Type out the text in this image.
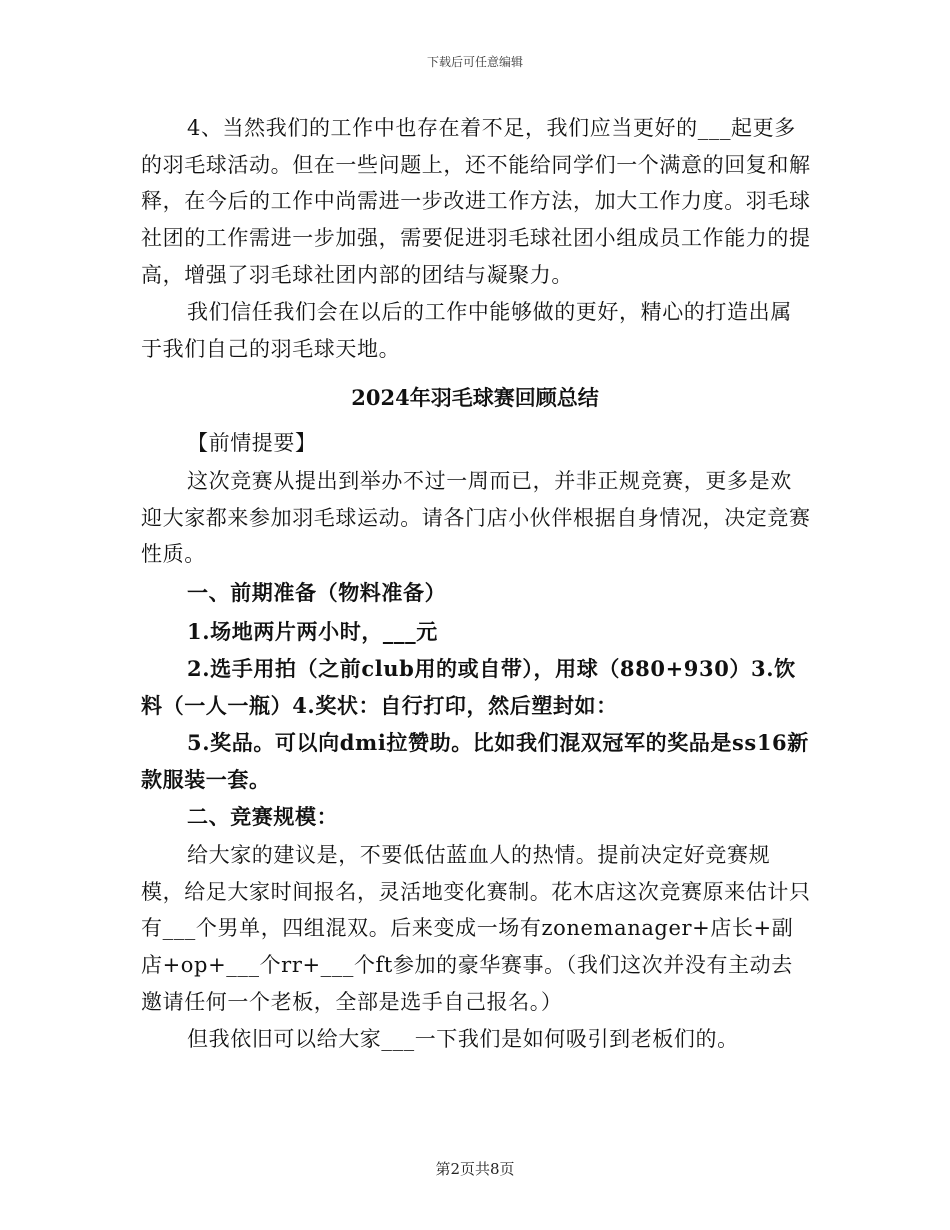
下载后可任意编辑

4、当然我们的工作中也存在着不足，我们应当更好的___起更多的羽毛球活动。但在一些问题上，还不能给同学们一个满意的回复和解释，在今后的工作中尚需进一步改进工作方法，加大工作力度。羽毛球社团的工作需进一步加强，需要促进羽毛球社团小组成员工作能力的提高，增强了羽毛球社团内部的团结与凝聚力。

我们信任我们会在以后的工作中能够做的更好，精心的打造出属于我们自己的羽毛球天地。

2024年羽毛球赛回顾总结

【前情提要】

这次竞赛从提出到举办不过一周而已，并非正规竞赛，更多是欢迎大家都来参加羽毛球运动。请各门店小伙伴根据自身情况，决定竞赛性质。

一、前期准备（物料准备）

1.场地两片两小时，___元

2.选手用拍（之前club用的或自带），用球（880+930）3.饮料（一人一瓶）4.奖状：自行打印，然后塑封如：

5.奖品。可以向dmi拉赞助。比如我们混双冠军的奖品是ss16新款服装一套。

二、竞赛规模：

给大家的建议是，不要低估蓝血人的热情。提前决定好竞赛规模，给足大家时间报名，灵活地变化赛制。花木店这次竞赛原来估计只有___个男单，四组混双。后来变成一场有zonemanager+店长+副店+op+___个rr+___个ft参加的豪华赛事。（我们这次并没有主动去邀请任何一个老板，全部是选手自己报名。）

但我依旧可以给大家___一下我们是如何吸引到老板们的。

第2页共8页
